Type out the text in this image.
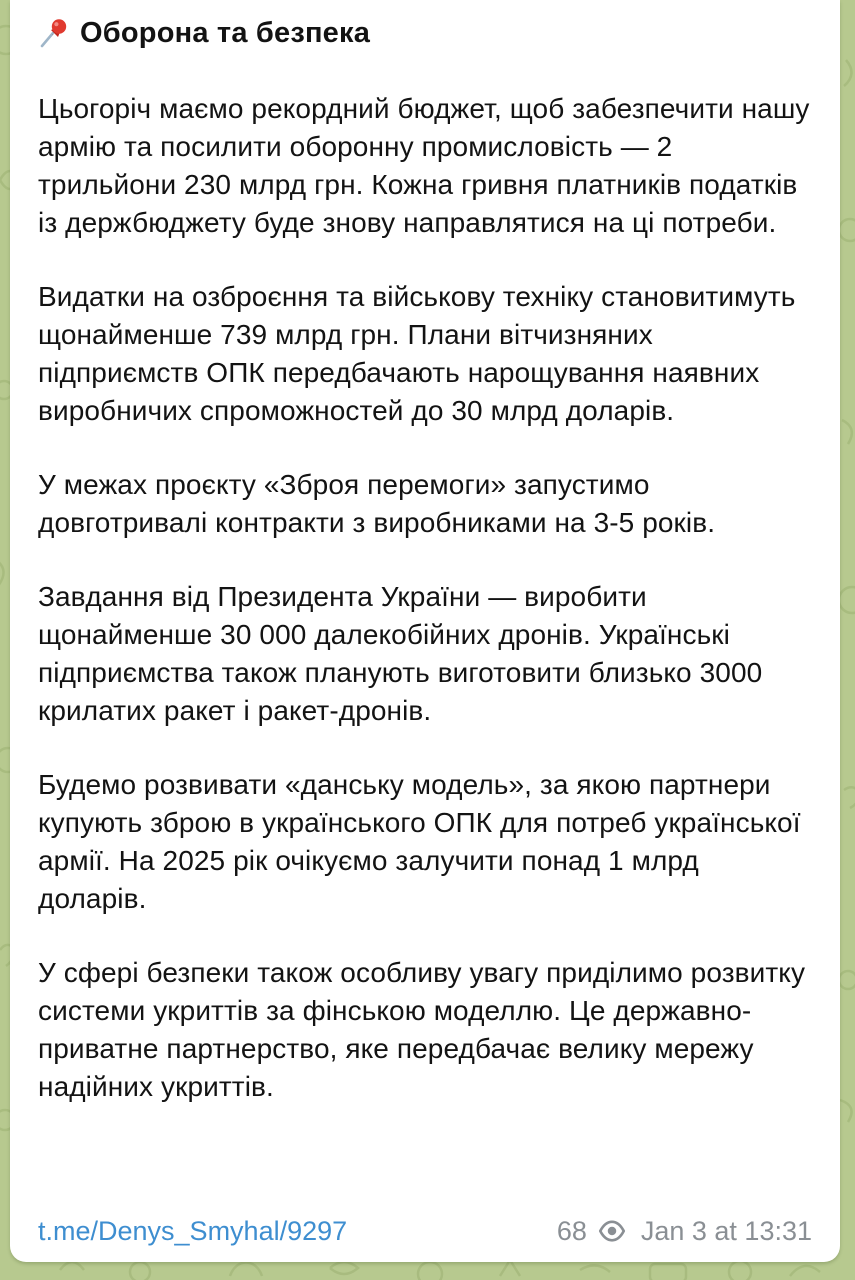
Оборона та безпека

Цьогоріч маємо рекордний бюджет, щоб забезпечити нашу армію та посилити оборонну промисловість — 2 трильйони 230 млрд грн. Кожна гривня платників податків із держбюджету буде знову направлятися на ці потреби.

Видатки на озброєння та військову техніку становитимуть щонайменше 739 млрд грн. Плани вітчизняних підприємств ОПК передбачають нарощування наявних виробничих спроможностей до 30 млрд доларів.

У межах проєкту «Зброя перемоги» запустимо довготривалі контракти з виробниками на 3-5 років.

Завдання від Президента України — виробити щонайменше 30 000 далекобійних дронів. Українські підприємства також планують виготовити близько 3000 крилатих ракет і ракет-дронів.

Будемо розвивати «данську модель», за якою партнери купують зброю в українського ОПК для потреб української армії. На 2025 рік очікуємо залучити понад 1 млрд доларів.

У сфері безпеки також особливу увагу приділимо розвитку системи укриттів за фінською моделлю. Це державно-приватне партнерство, яке передбачає велику мережу надійних укриттів.

t.me/Denys_Smyhal/9297	68 Jan 3 at 13:31
